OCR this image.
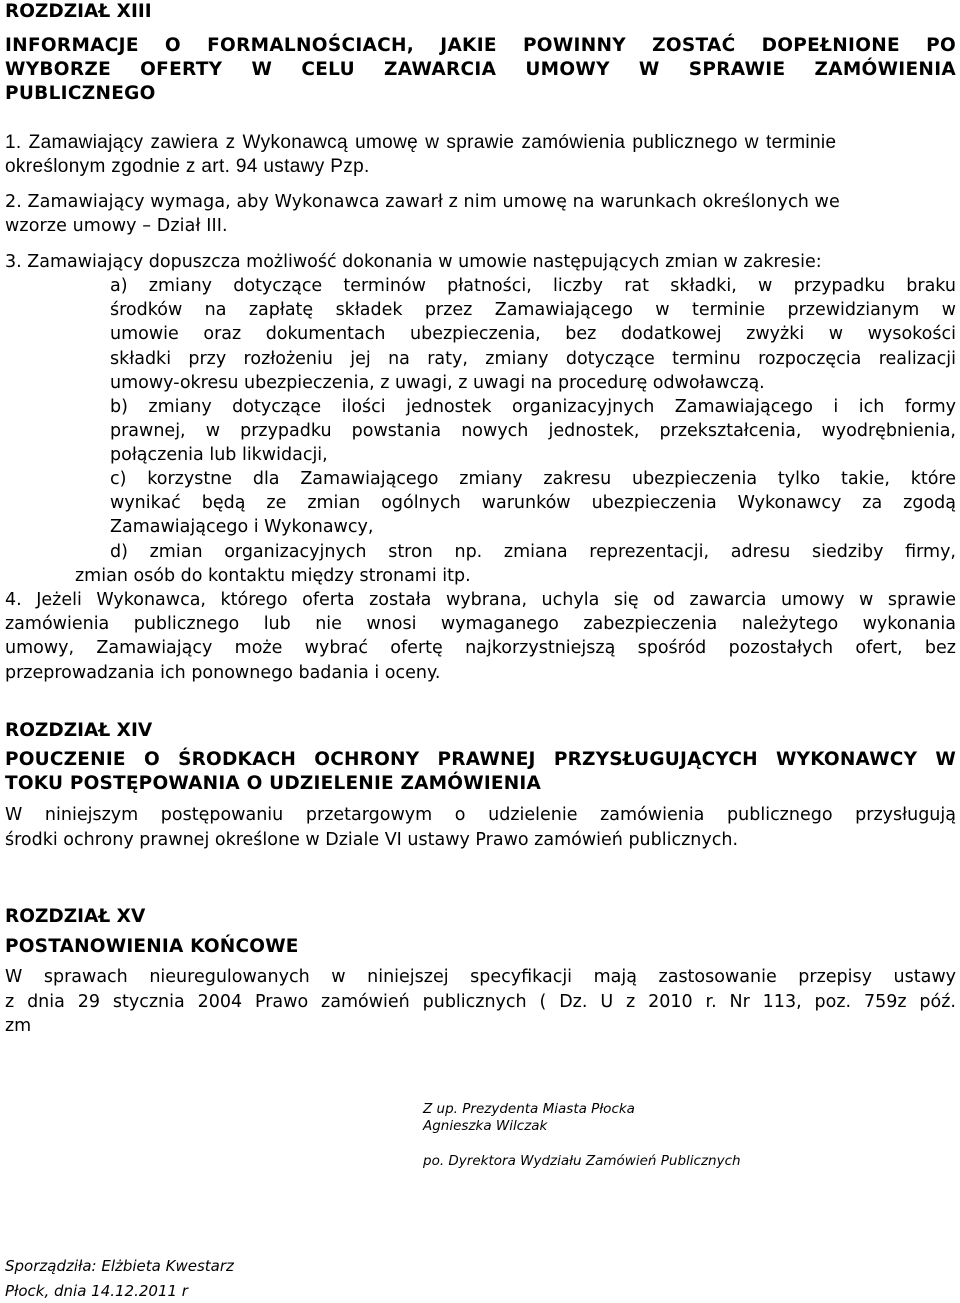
ROZDZIAŁ XIII
INFORMACJE O FORMALNOŚCIACH, JAKIE POWINNY ZOSTAĆ DOPEŁNIONE PO
WYBORZE OFERTY W CELU ZAWARCIA UMOWY W SPRAWIE ZAMÓWIENIA
PUBLICZNEGO
1. Zamawiający zawiera z Wykonawcą umowę w sprawie zamówienia publicznego w terminie
określonym zgodnie z art. 94 ustawy Pzp.
2. Zamawiający wymaga, aby Wykonawca zawarł z nim umowę na warunkach określonych we
wzorze umowy – Dział III.
3. Zamawiający dopuszcza możliwość dokonania w umowie następujących zmian w zakresie:
a) zmiany dotyczące terminów płatności, liczby rat składki, w przypadku braku
środków na zapłatę składek przez Zamawiającego w terminie przewidzianym w
umowie oraz dokumentach ubezpieczenia, bez dodatkowej zwyżki w wysokości
składki przy rozłożeniu jej na raty, zmiany dotyczące terminu rozpoczęcia realizacji
umowy-okresu ubezpieczenia, z uwagi, z uwagi na procedurę odwoławczą.
b) zmiany dotyczące ilości jednostek organizacyjnych Zamawiającego i ich formy
prawnej, w przypadku powstania nowych jednostek, przekształcenia, wyodrębnienia,
połączenia lub likwidacji,
c) korzystne dla Zamawiającego zmiany zakresu ubezpieczenia tylko takie, które
wynikać będą ze zmian ogólnych warunków ubezpieczenia Wykonawcy za zgodą
Zamawiającego i Wykonawcy,
d) zmian organizacyjnych stron np. zmiana reprezentacji, adresu siedziby firmy,
zmian osób do kontaktu między stronami itp.
4. Jeżeli Wykonawca, którego oferta została wybrana, uchyla się od zawarcia umowy w sprawie
zamówienia publicznego lub nie wnosi wymaganego zabezpieczenia należytego wykonania
umowy, Zamawiający może wybrać ofertę najkorzystniejszą spośród pozostałych ofert, bez
przeprowadzania ich ponownego badania i oceny.
ROZDZIAŁ XIV
POUCZENIE O ŚRODKACH OCHRONY PRAWNEJ PRZYSŁUGUJĄCYCH WYKONAWCY W
TOKU POSTĘPOWANIA O UDZIELENIE ZAMÓWIENIA
W niniejszym postępowaniu przetargowym o udzielenie zamówienia publicznego przysługują
środki ochrony prawnej określone w Dziale VI ustawy Prawo zamówień publicznych.
ROZDZIAŁ XV
POSTANOWIENIA KOŃCOWE
W sprawach nieuregulowanych w niniejszej specyfikacji mają zastosowanie przepisy ustawy
z dnia 29 stycznia 2004 Prawo zamówień publicznych ( Dz. U z 2010 r. Nr 113, poz. 759z póź.
zm
Z up. Prezydenta Miasta Płocka
Agnieszka Wilczak
po. Dyrektora Wydziału Zamówień Publicznych
Sporządziła: Elżbieta Kwestarz
Płock, dnia 14.12.2011 r
